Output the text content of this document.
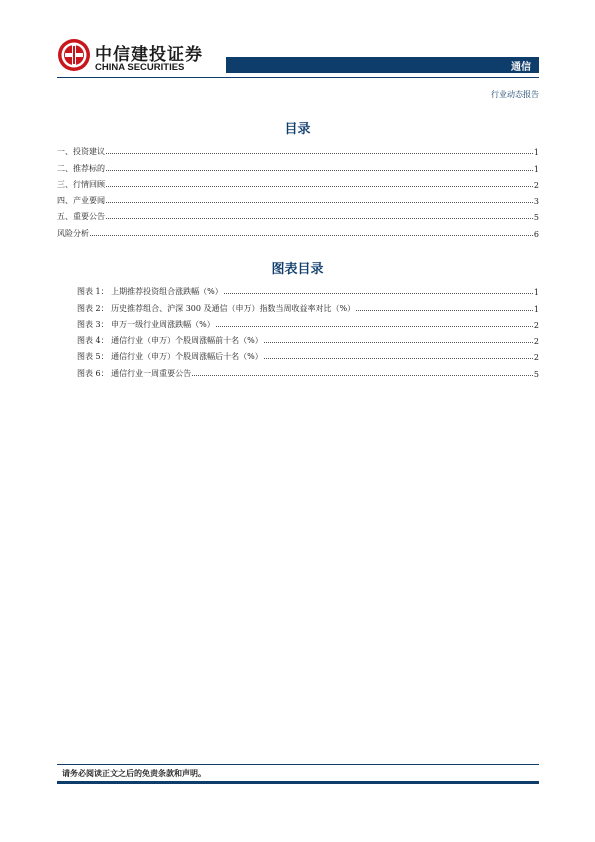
中信建投证券
CHINA SECURITIES	通信
行业动态报告
目录
一、投资建议	1
二、推荐标的	1
三、行情回顾	2
四、产业要闻	3
五、重要公告	5
风险分析	6
图表目录
图表 1： 上期推荐投资组合涨跌幅（%）	1
图表 2： 历史推荐组合、沪深 300 及通信（申万）指数当周收益率对比（%）	1
图表 3： 申万一级行业周涨跌幅（%）	2
图表 4： 通信行业（申万）个股周涨幅前十名（%）	2
图表 5： 通信行业（申万）个股周涨幅后十名（%）	2
图表 6： 通信行业一周重要公告	5
请务必阅读正文之后的免责条款和声明。
